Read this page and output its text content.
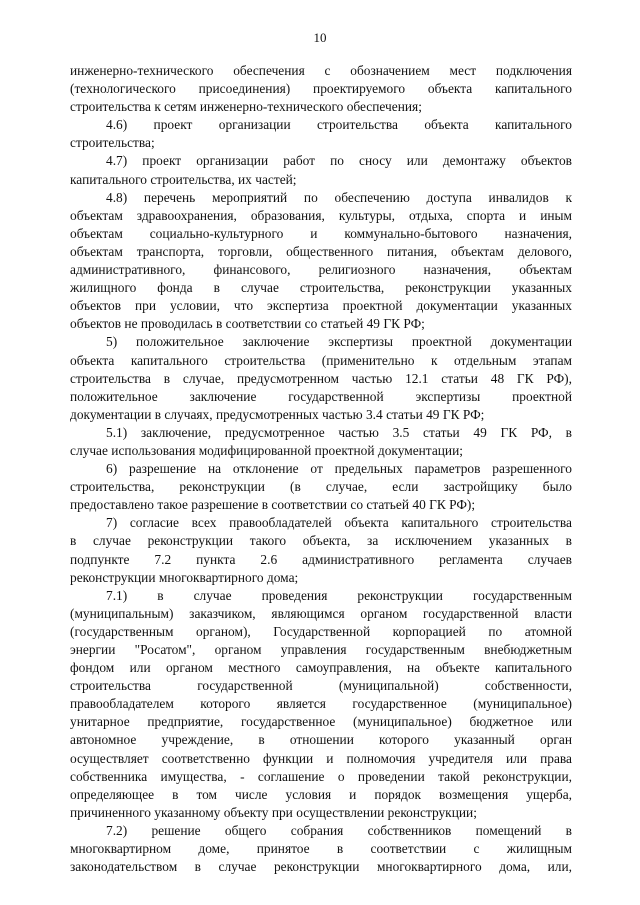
10
инженерно-технического обеспечения с обозначением мест подключения
(технологического присоединения) проектируемого объекта капитального
строительства к сетям инженерно-технического обеспечения;
4.6) проект организации строительства объекта капитального
строительства;
4.7) проект организации работ по сносу или демонтажу объектов
капитального строительства, их частей;
4.8) перечень мероприятий по обеспечению доступа инвалидов к
объектам здравоохранения, образования, культуры, отдыха, спорта и иным
объектам социально-культурного и коммунально-бытового назначения,
объектам транспорта, торговли, общественного питания, объектам делового,
административного, финансового, религиозного назначения, объектам
жилищного фонда в случае строительства, реконструкции указанных
объектов при условии, что экспертиза проектной документации указанных
объектов не проводилась в соответствии со статьей 49 ГК РФ;
5) положительное заключение экспертизы проектной документации
объекта капитального строительства (применительно к отдельным этапам
строительства в случае, предусмотренном частью 12.1 статьи 48 ГК РФ),
положительное заключение государственной экспертизы проектной
документации в случаях, предусмотренных частью 3.4 статьи 49 ГК РФ;
5.1) заключение, предусмотренное частью 3.5 статьи 49 ГК РФ, в
случае использования модифицированной проектной документации;
6) разрешение на отклонение от предельных параметров разрешенного
строительства, реконструкции (в случае, если застройщику было
предоставлено такое разрешение в соответствии со статьей 40 ГК РФ);
7) согласие всех правообладателей объекта капитального строительства
в случае реконструкции такого объекта, за исключением указанных в
подпункте 7.2 пункта 2.6 административного регламента случаев
реконструкции многоквартирного дома;
7.1) в случае проведения реконструкции государственным
(муниципальным) заказчиком, являющимся органом государственной власти
(государственным органом), Государственной корпорацией по атомной
энергии "Росатом", органом управления государственным внебюджетным
фондом или органом местного самоуправления, на объекте капитального
строительства государственной (муниципальной) собственности,
правообладателем которого является государственное (муниципальное)
унитарное предприятие, государственное (муниципальное) бюджетное или
автономное учреждение, в отношении которого указанный орган
осуществляет соответственно функции и полномочия учредителя или права
собственника имущества, - соглашение о проведении такой реконструкции,
определяющее в том числе условия и порядок возмещения ущерба,
причиненного указанному объекту при осуществлении реконструкции;
7.2) решение общего собрания собственников помещений в
многоквартирном доме, принятое в соответствии с жилищным
законодательством в случае реконструкции многоквартирного дома, или,
